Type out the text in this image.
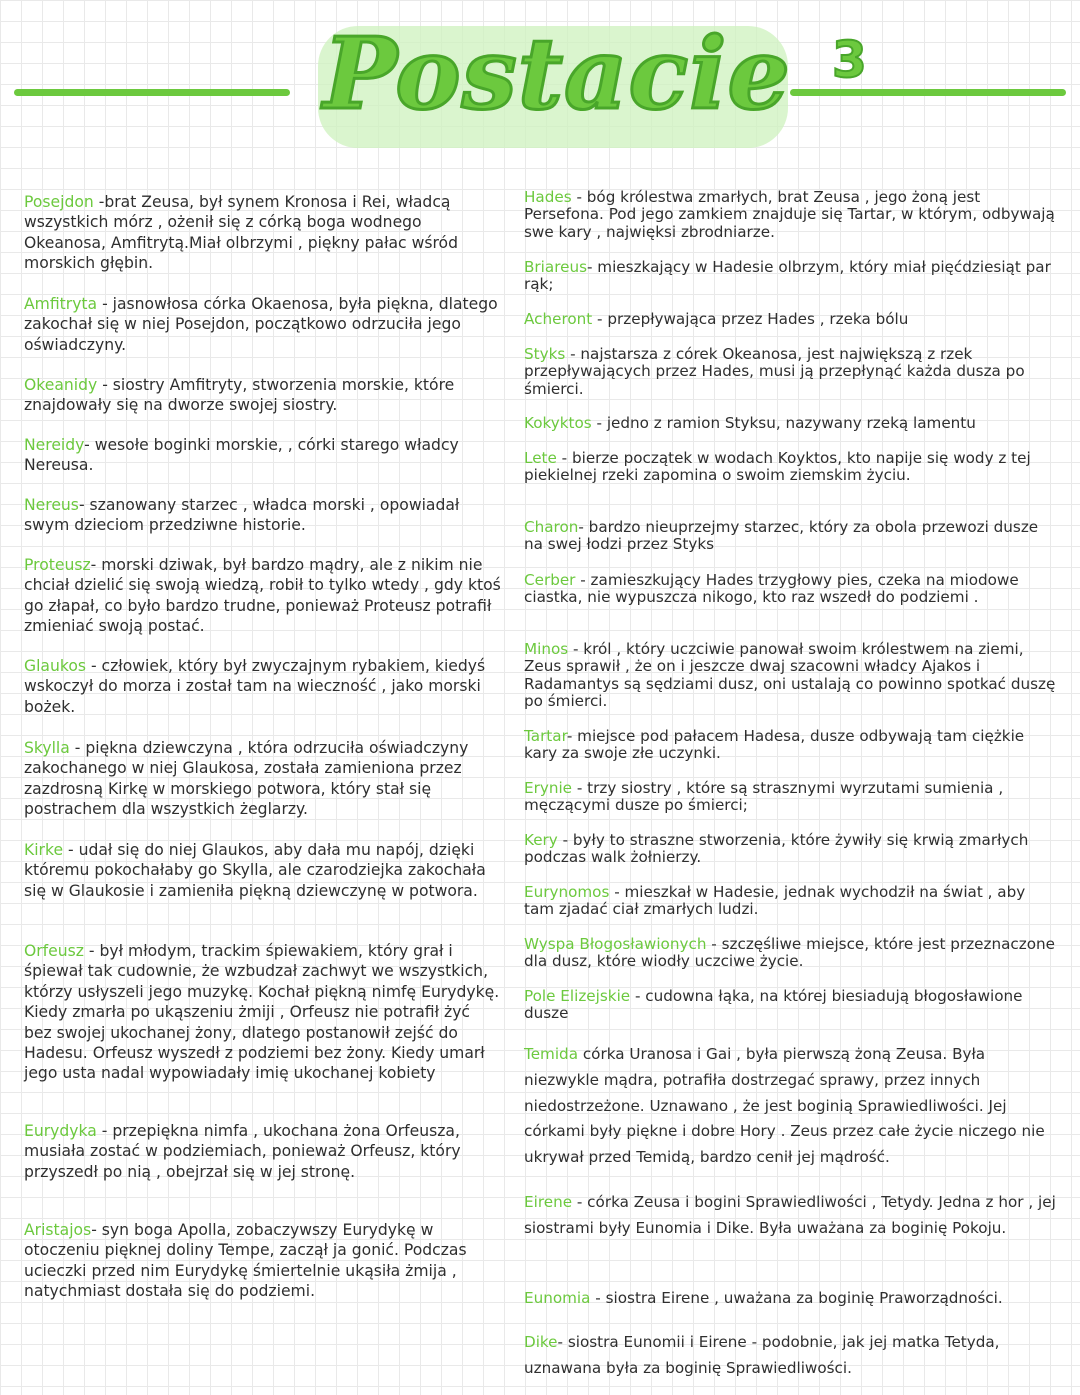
Postacie 3

Posejdon -brat Zeusa, był synem Kronosa i Rei, władcą wszystkich mórz , ożenił się z córką boga wodnego Okeanosa, Amfitrytą.Miał olbrzymi , piękny pałac wśród morskich głębin.

Amfitryta - jasnowłosa córka Okaenosa, była piękna, dlatego zakochał się w niej Posejdon, początkowo odrzuciła jego oświadczyny.

Okeanidy - siostry Amfitryty, stworzenia morskie, które znajdowały się na dworze swojej siostry.

Nereidy- wesołe boginki morskie, , córki starego władcy Nereusa.

Nereus- szanowany starzec , władca morski , opowiadał swym dzieciom przedziwne historie.

Proteusz- morski dziwak, był bardzo mądry, ale z nikim nie chciał dzielić się swoją wiedzą, robił to tylko wtedy , gdy ktoś go złapał, co było bardzo trudne, ponieważ Proteusz potrafił zmieniać swoją postać.

Glaukos - człowiek, który był zwyczajnym rybakiem, kiedyś wskoczył do morza i został tam na wieczność , jako morski bożek.

Skylla - piękna dziewczyna , która odrzuciła oświadczyny zakochanego w niej Glaukosa, została zamieniona przez zazdrosną Kirkę w morskiego potwora, który stał się postrachem dla wszystkich żeglarzy.

Kirke - udał się do niej Glaukos, aby dała mu napój, dzięki któremu pokochałaby go Skylla, ale czarodziejka zakochała się w Glaukosie i zamieniła piękną dziewczynę w potwora.

Orfeusz - był młodym, trackim śpiewakiem, który grał i śpiewał tak cudownie, że wzbudzał zachwyt we wszystkich, którzy usłyszeli jego muzykę. Kochał piękną nimfę Eurydykę. Kiedy zmarła po ukąszeniu żmiji , Orfeusz nie potrafił żyć bez swojej ukochanej żony, dlatego postanowił zejść do Hadesu. Orfeusz wyszedł z podziemi bez żony. Kiedy umarł jego usta nadal wypowiadały imię ukochanej kobiety

Eurydyka - przepiękna nimfa , ukochana żona Orfeusza, musiała zostać w podziemiach, ponieważ Orfeusz, który przyszedł po nią , obejrzał się w jej stronę.

Aristajos- syn boga Apolla, zobaczywszy Eurydykę w otoczeniu pięknej doliny Tempe, zaczął ja gonić. Podczas ucieczki przed nim Eurydykę śmiertelnie ukąsiła żmija , natychmiast dostała się do podziemi.

Hades - bóg królestwa zmarłych, brat Zeusa , jego żoną jest Persefona. Pod jego zamkiem znajduje się Tartar, w którym, odbywają swe kary , najwięksi zbrodniarze.

Briareus- mieszkający w Hadesie olbrzym, który miał pięćdziesiąt par rąk;

Acheront - przepływająca przez Hades , rzeka bólu

Styks - najstarsza z córek Okeanosa, jest największą z rzek przepływających przez Hades, musi ją przepłynąć każda dusza po śmierci.

Kokyktos - jedno z ramion Styksu, nazywany rzeką lamentu

Lete - bierze początek w wodach Koyktos, kto napije się wody z tej piekielnej rzeki zapomina o swoim ziemskim życiu.

Charon- bardzo nieuprzejmy starzec, który za obola przewozi dusze na swej łodzi przez Styks

Cerber - zamieszkujący Hades trzygłowy pies, czeka na miodowe ciastka, nie wypuszcza nikogo, kto raz wszedł do podziemi .

Minos - król , który uczciwie panował swoim królestwem na ziemi, Zeus sprawił , że on i jeszcze dwaj szacowni władcy Ajakos i Radamantys są sędziami dusz, oni ustalają co powinno spotkać duszę po śmierci.

Tartar- miejsce pod pałacem Hadesa, dusze odbywają tam ciężkie kary za swoje złe uczynki.

Erynie - trzy siostry , które są strasznymi wyrzutami sumienia , męczącymi dusze po śmierci;

Kery - były to straszne stworzenia, które żywiły się krwią zmarłych podczas walk żołnierzy.

Eurynomos - mieszkał w Hadesie, jednak wychodził na świat , aby tam zjadać ciał zmarłych ludzi.

Wyspa Błogosławionych - szczęśliwe miejsce, które jest przeznaczone dla dusz, które wiodły uczciwe życie.

Pole Elizejskie - cudowna łąka, na której biesiadują błogosławione dusze

Temida córka Uranosa i Gai , była pierwszą żoną Zeusa. Była niezwykle mądra, potrafiła dostrzegać sprawy, przez innych niedostrzeżone. Uznawano , że jest boginią Sprawiedliwości. Jej córkami były piękne i dobre Hory . Zeus przez całe życie niczego nie ukrywał przed Temidą, bardzo cenił jej mądrość.

Eirene - córka Zeusa i bogini Sprawiedliwości , Tetydy. Jedna z hor , jej siostrami były Eunomia i Dike. Była uważana za boginię Pokoju.

Eunomia - siostra Eirene , uważana za boginię Praworządności.

Dike- siostra Eunomii i Eirene - podobnie, jak jej matka Tetyda, uznawana była za boginię Sprawiedliwości.
